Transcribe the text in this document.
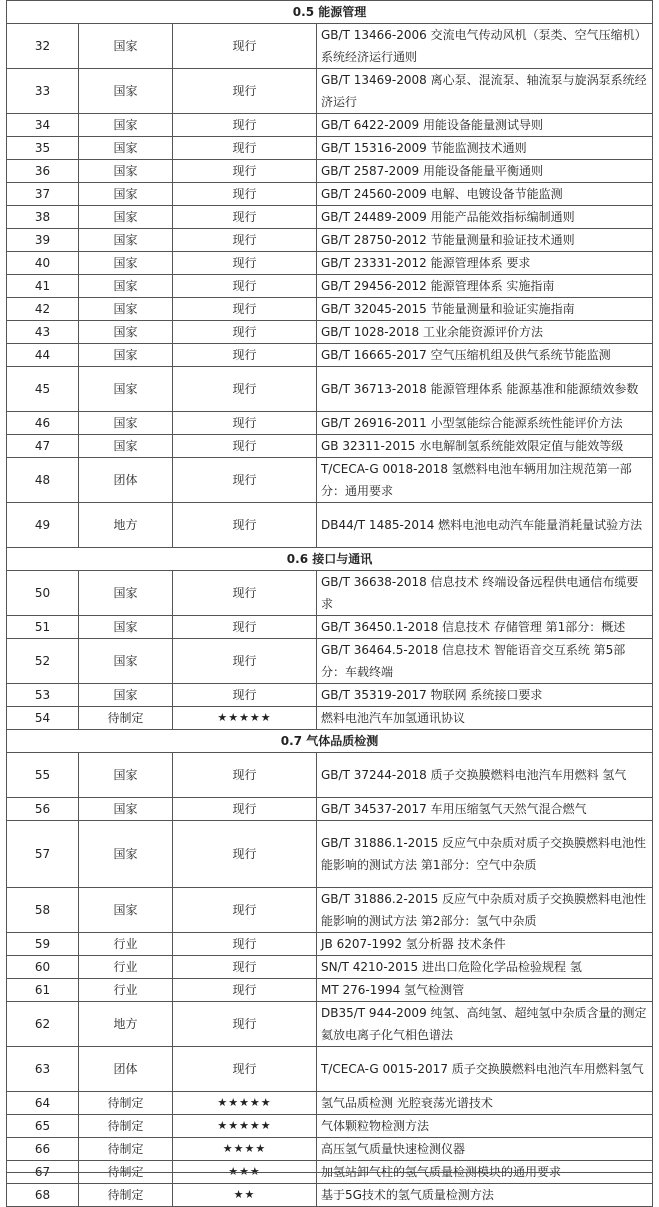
0.5 能源管理			
32	国家	现行	GB/T 13466-2006 交流电气传动风机（泵类、空气压缩机）系统经济运行通则
33	国家	现行	GB/T 13469-2008 离心泵、混流泵、轴流泵与旋涡泵系统经济运行
34	国家	现行	GB/T 6422-2009 用能设备能量测试导则
35	国家	现行	GB/T 15316-2009 节能监测技术通则
36	国家	现行	GB/T 2587-2009 用能设备能量平衡通则
37	国家	现行	GB/T 24560-2009 电解、电镀设备节能监测
38	国家	现行	GB/T 24489-2009 用能产品能效指标编制通则
39	国家	现行	GB/T 28750-2012 节能量测量和验证技术通则
40	国家	现行	GB/T 23331-2012 能源管理体系 要求
41	国家	现行	GB/T 29456-2012 能源管理体系 实施指南
42	国家	现行	GB/T 32045-2015 节能量测量和验证实施指南
43	国家	现行	GB/T 1028-2018 工业余能资源评价方法
44	国家	现行	GB/T 16665-2017 空气压缩机组及供气系统节能监测
45	国家	现行	GB/T 36713-2018 能源管理体系 能源基准和能源绩效参数
46	国家	现行	GB/T 26916-2011 小型氢能综合能源系统性能评价方法
47	国家	现行	GB 32311-2015 水电解制氢系统能效限定值与能效等级
48	团体	现行	T/CECA-G 0018-2018 氢燃料电池车辆用加注规范第一部分：通用要求
49	地方	现行	DB44/T 1485-2014 燃料电池电动汽车能量消耗量试验方法
0.6 接口与通讯			
50	国家	现行	GB/T 36638-2018 信息技术 终端设备远程供电通信布缆要求
51	国家	现行	GB/T 36450.1-2018 信息技术 存储管理 第1部分：概述
52	国家	现行	GB/T 36464.5-2018 信息技术 智能语音交互系统 第5部分：车载终端
53	国家	现行	GB/T 35319-2017 物联网 系统接口要求
54	待制定	★★★★★	燃料电池汽车加氢通讯协议
0.7 气体品质检测			
55	国家	现行	GB/T 37244-2018 质子交换膜燃料电池汽车用燃料 氢气
56	国家	现行	GB/T 34537-2017 车用压缩氢气天然气混合燃气
57	国家	现行	GB/T 31886.1-2015 反应气中杂质对质子交换膜燃料电池性能影响的测试方法 第1部分：空气中杂质
58	国家	现行	GB/T 31886.2-2015 反应气中杂质对质子交换膜燃料电池性能影响的测试方法 第2部分：氢气中杂质
59	行业	现行	JB 6207-1992 氢分析器 技术条件
60	行业	现行	SN/T 4210-2015 进出口危险化学品检验规程 氢
61	行业	现行	MT 276-1994 氢气检测管
62	地方	现行	DB35/T 944-2009 纯氢、高纯氢、超纯氢中杂质含量的测定 氦放电离子化气相色谱法
63	团体	现行	T/CECA-G 0015-2017 质子交换膜燃料电池汽车用燃料氢气
64	待制定	★★★★★	氢气品质检测 光腔衰荡光谱技术
65	待制定	★★★★★	气体颗粒物检测方法
66	待制定	★★★★	高压氢气质量快速检测仪器
67	待制定	★★★	加氢站卸气柱的氢气质量检测模块的通用要求
68	待制定	★★	基于5G技术的氢气质量检测方法
